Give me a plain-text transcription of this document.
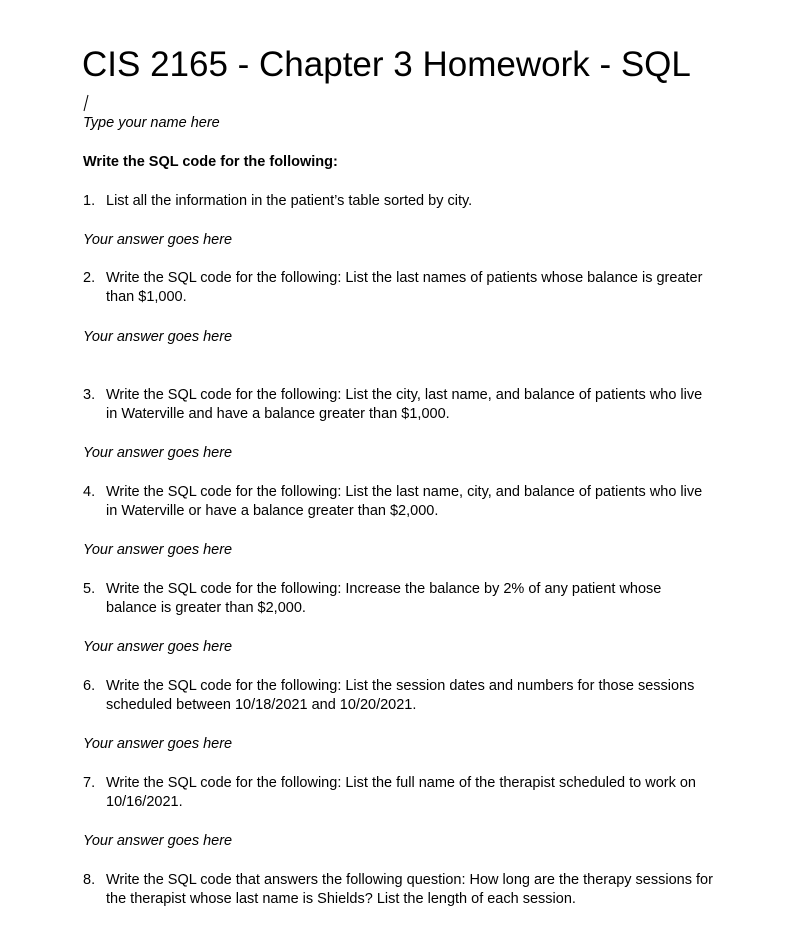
CIS 2165 - Chapter 3 Homework - SQL
Type your name here
Write the SQL code for the following:
1. List all the information in the patient’s table sorted by city.
Your answer goes here
2. Write the SQL code for the following: List the last names of patients whose balance is greater than $1,000.
Your answer goes here
3. Write the SQL code for the following: List the city, last name, and balance of patients who live in Waterville and have a balance greater than $1,000.
Your answer goes here
4. Write the SQL code for the following: List the last name, city, and balance of patients who live in Waterville or have a balance greater than $2,000.
Your answer goes here
5. Write the SQL code for the following: Increase the balance by 2% of any patient whose balance is greater than $2,000.
Your answer goes here
6. Write the SQL code for the following: List the session dates and numbers for those sessions scheduled between 10/18/2021 and 10/20/2021.
Your answer goes here
7. Write the SQL code for the following: List the full name of the therapist scheduled to work on 10/16/2021.
Your answer goes here
8. Write the SQL code that answers the following question: How long are the therapy sessions for the therapist whose last name is Shields? List the length of each session.
